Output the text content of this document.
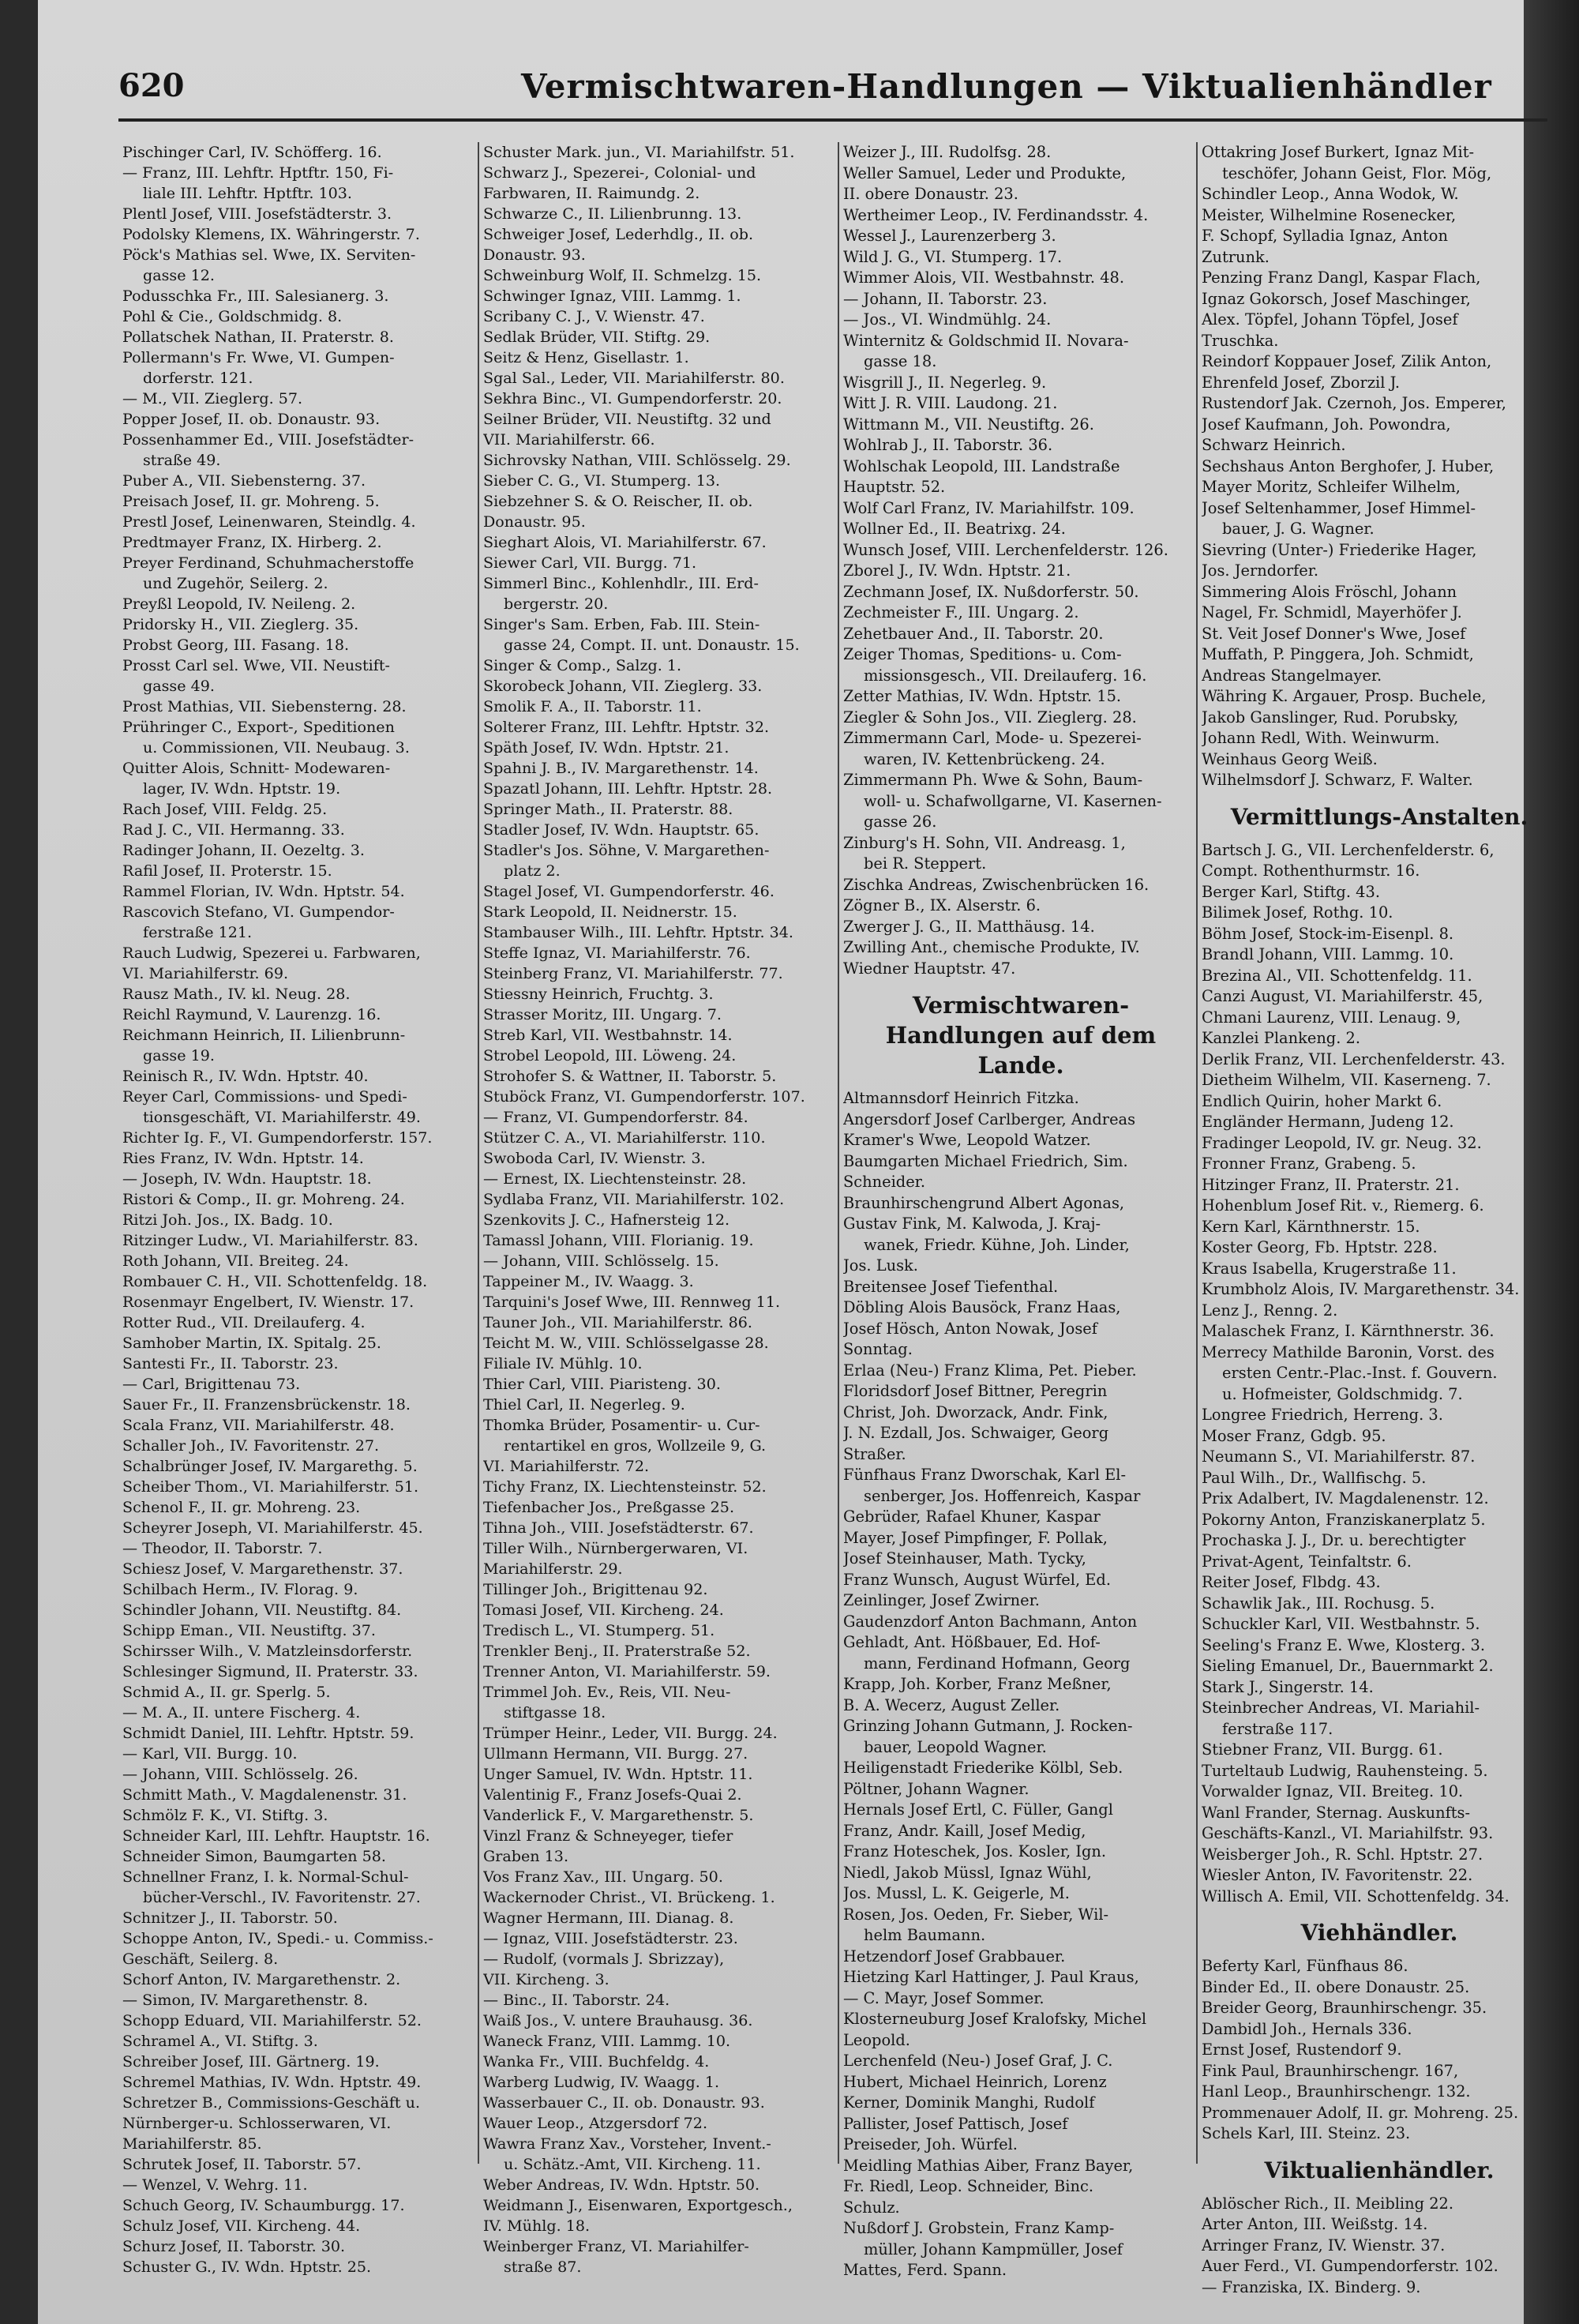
620	Vermischtwaren-Handlungen — Viktualienhändler
Pischinger Carl, IV. Schöfferg. 16.
— Franz, III. Lehftr. Hptftr. 150, Fi-
liale III. Lehftr. Hptftr. 103.
Plentl Josef, VIII. Josefstädterstr. 3.
Podolsky Klemens, IX. Währingerstr. 7.
Pöck's Mathias sel. Wwe, IX. Serviten-
gasse 12.
Podusschka Fr., III. Salesianerg. 3.
Pohl & Cie., Goldschmidg. 8.
Pollatschek Nathan, II. Praterstr. 8.
Pollermann's Fr. Wwe, VI. Gumpen-
dorferstr. 121.
— M., VII. Zieglerg. 57.
Popper Josef, II. ob. Donaustr. 93.
Possenhammer Ed., VIII. Josefstädter-
straße 49.
Puber A., VII. Siebensterng. 37.
Preisach Josef, II. gr. Mohreng. 5.
Prestl Josef, Leinenwaren, Steindlg. 4.
Predtmayer Franz, IX. Hirberg. 2.
Preyer Ferdinand, Schuhmacherstoffe
und Zugehör, Seilerg. 2.
Preyßl Leopold, IV. Neileng. 2.
Pridorsky H., VII. Zieglerg. 35.
Probst Georg, III. Fasang. 18.
Prosst Carl sel. Wwe, VII. Neustift-
gasse 49.
Prost Mathias, VII. Siebensterng. 28.
Prühringer C., Export-, Speditionen
u. Commissionen, VII. Neubaug. 3.
Quitter Alois, Schnitt- Modewaren-
lager, IV. Wdn. Hptstr. 19.
Rach Josef, VIII. Feldg. 25.
Rad J. C., VII. Hermanng. 33.
Radinger Johann, II. Oezeltg. 3.
Rafil Josef, II. Proterstr. 15.
Rammel Florian, IV. Wdn. Hptstr. 54.
Rascovich Stefano, VI. Gumpendor-
ferstraße 121.
Rauch Ludwig, Spezerei u. Farbwaren,
VI. Mariahilferstr. 69.
Rausz Math., IV. kl. Neug. 28.
Reichl Raymund, V. Laurenzg. 16.
Reichmann Heinrich, II. Lilienbrunn-
gasse 19.
Reinisch R., IV. Wdn. Hptstr. 40.
Reyer Carl, Commissions- und Spedi-
tionsgeschäft, VI. Mariahilferstr. 49.
Richter Ig. F., VI. Gumpendorferstr. 157.
Ries Franz, IV. Wdn. Hptstr. 14.
— Joseph, IV. Wdn. Hauptstr. 18.
Ristori & Comp., II. gr. Mohreng. 24.
Ritzi Joh. Jos., IX. Badg. 10.
Ritzinger Ludw., VI. Mariahilferstr. 83.
Roth Johann, VII. Breiteg. 24.
Rombauer C. H., VII. Schottenfeldg. 18.
Rosenmayr Engelbert, IV. Wienstr. 17.
Rotter Rud., VII. Dreilauferg. 4.
Samhober Martin, IX. Spitalg. 25.
Santesti Fr., II. Taborstr. 23.
— Carl, Brigittenau 73.
Sauer Fr., II. Franzensbrückenstr. 18.
Scala Franz, VII. Mariahilferstr. 48.
Schaller Joh., IV. Favoritenstr. 27.
Schalbrünger Josef, IV. Margarethg. 5.
Scheiber Thom., VI. Mariahilferstr. 51.
Schenol F., II. gr. Mohreng. 23.
Scheyrer Joseph, VI. Mariahilferstr. 45.
— Theodor, II. Taborstr. 7.
Schiesz Josef, V. Margarethenstr. 37.
Schilbach Herm., IV. Florag. 9.
Schindler Johann, VII. Neustiftg. 84.
Schipp Eman., VII. Neustiftg. 37.
Schirsser Wilh., V. Matzleinsdorferstr.
Schlesinger Sigmund, II. Praterstr. 33.
Schmid A., II. gr. Sperlg. 5.
— M. A., II. untere Fischerg. 4.
Schmidt Daniel, III. Lehftr. Hptstr. 59.
— Karl, VII. Burgg. 10.
— Johann, VIII. Schlösselg. 26.
Schmitt Math., V. Magdalenenstr. 31.
Schmölz F. K., VI. Stiftg. 3.
Schneider Karl, III. Lehftr. Hauptstr. 16.
Schneider Simon, Baumgarten 58.
Schnellner Franz, I. k. Normal-Schul-
bücher-Verschl., IV. Favoritenstr. 27.
Schnitzer J., II. Taborstr. 50.
Schoppe Anton, IV., Spedi.- u. Commiss.-
Geschäft, Seilerg. 8.
Schorf Anton, IV. Margarethenstr. 2.
— Simon, IV. Margarethenstr. 8.
Schopp Eduard, VII. Mariahilferstr. 52.
Schramel A., VI. Stiftg. 3.
Schreiber Josef, III. Gärtnerg. 19.
Schremel Mathias, IV. Wdn. Hptstr. 49.
Schretzer B., Commissions-Geschäft u.
Nürnberger-u. Schlosserwaren, VI.
Mariahilferstr. 85.
Schrutek Josef, II. Taborstr. 57.
— Wenzel, V. Wehrg. 11.
Schuch Georg, IV. Schaumburgg. 17.
Schulz Josef, VII. Kircheng. 44.
Schurz Josef, II. Taborstr. 30.
Schuster G., IV. Wdn. Hptstr. 25.
Schuster Mark. jun., VI. Mariahilfstr. 51.
Schwarz J., Spezerei-, Colonial- und
Farbwaren, II. Raimundg. 2.
Schwarze C., II. Lilienbrunng. 13.
Schweiger Josef, Lederhdlg., II. ob.
Donaustr. 93.
Schweinburg Wolf, II. Schmelzg. 15.
Schwinger Ignaz, VIII. Lammg. 1.
Scribany C. J., V. Wienstr. 47.
Sedlak Brüder, VII. Stiftg. 29.
Seitz & Henz, Gisellastr. 1.
Sgal Sal., Leder, VII. Mariahilferstr. 80.
Sekhra Binc., VI. Gumpendorferstr. 20.
Seilner Brüder, VII. Neustiftg. 32 und
VII. Mariahilferstr. 66.
Sichrovsky Nathan, VIII. Schlösselg. 29.
Sieber C. G., VI. Stumperg. 13.
Siebzehner S. & O. Reischer, II. ob.
Donaustr. 95.
Sieghart Alois, VI. Mariahilferstr. 67.
Siewer Carl, VII. Burgg. 71.
Simmerl Binc., Kohlenhdlr., III. Erd-
bergerstr. 20.
Singer's Sam. Erben, Fab. III. Stein-
gasse 24, Compt. II. unt. Donaustr. 15.
Singer & Comp., Salzg. 1.
Skorobeck Johann, VII. Zieglerg. 33.
Smolik F. A., II. Taborstr. 11.
Solterer Franz, III. Lehftr. Hptstr. 32.
Späth Josef, IV. Wdn. Hptstr. 21.
Spahni J. B., IV. Margarethenstr. 14.
Spazatl Johann, III. Lehftr. Hptstr. 28.
Springer Math., II. Praterstr. 88.
Stadler Josef, IV. Wdn. Hauptstr. 65.
Stadler's Jos. Söhne, V. Margarethen-
platz 2.
Stagel Josef, VI. Gumpendorferstr. 46.
Stark Leopold, II. Neidnerstr. 15.
Stambauser Wilh., III. Lehftr. Hptstr. 34.
Steffe Ignaz, VI. Mariahilferstr. 76.
Steinberg Franz, VI. Mariahilferstr. 77.
Stiessny Heinrich, Fruchtg. 3.
Strasser Moritz, III. Ungarg. 7.
Streb Karl, VII. Westbahnstr. 14.
Strobel Leopold, III. Löweng. 24.
Strohofer S. & Wattner, II. Taborstr. 5.
Stuböck Franz, VI. Gumpendorferstr. 107.
— Franz, VI. Gumpendorferstr. 84.
Stützer C. A., VI. Mariahilferstr. 110.
Swoboda Carl, IV. Wienstr. 3.
— Ernest, IX. Liechtensteinstr. 28.
Sydlaba Franz, VII. Mariahilferstr. 102.
Szenkovits J. C., Hafnersteig 12.
Tamassl Johann, VIII. Florianig. 19.
— Johann, VIII. Schlösselg. 15.
Tappeiner M., IV. Waagg. 3.
Tarquini's Josef Wwe, III. Rennweg 11.
Tauner Joh., VII. Mariahilferstr. 86.
Teicht M. W., VIII. Schlösselgasse 28.
Filiale IV. Mühlg. 10.
Thier Carl, VIII. Piaristeng. 30.
Thiel Carl, II. Negerleg. 9.
Thomka Brüder, Posamentir- u. Cur-
rentartikel en gros, Wollzeile 9, G.
VI. Mariahilferstr. 72.
Tichy Franz, IX. Liechtensteinstr. 52.
Tiefenbacher Jos., Preßgasse 25.
Tihna Joh., VIII. Josefstädterstr. 67.
Tiller Wilh., Nürnbergerwaren, VI.
Mariahilferstr. 29.
Tillinger Joh., Brigittenau 92.
Tomasi Josef, VII. Kircheng. 24.
Tredisch L., VI. Stumperg. 51.
Trenkler Benj., II. Praterstraße 52.
Trenner Anton, VI. Mariahilferstr. 59.
Trimmel Joh. Ev., Reis, VII. Neu-
stiftgasse 18.
Trümper Heinr., Leder, VII. Burgg. 24.
Ullmann Hermann, VII. Burgg. 27.
Unger Samuel, IV. Wdn. Hptstr. 11.
Valentinig F., Franz Josefs-Quai 2.
Vanderlick F., V. Margarethenstr. 5.
Vinzl Franz & Schneyeger, tiefer
Graben 13.
Vos Franz Xav., III. Ungarg. 50.
Wackernoder Christ., VI. Brückeng. 1.
Wagner Hermann, III. Dianag. 8.
— Ignaz, VIII. Josefstädterstr. 23.
— Rudolf, (vormals J. Sbrizzay),
VII. Kircheng. 3.
— Binc., II. Taborstr. 24.
Waiß Jos., V. untere Brauhausg. 36.
Waneck Franz, VIII. Lammg. 10.
Wanka Fr., VIII. Buchfeldg. 4.
Warberg Ludwig, IV. Waagg. 1.
Wasserbauer C., II. ob. Donaustr. 93.
Wauer Leop., Atzgersdorf 72.
Wawra Franz Xav., Vorsteher, Invent.-
u. Schätz.-Amt, VII. Kircheng. 11.
Weber Andreas, IV. Wdn. Hptstr. 50.
Weidmann J., Eisenwaren, Exportgesch.,
IV. Mühlg. 18.
Weinberger Franz, VI. Mariahilfer-
straße 87.
Weizer J., III. Rudolfsg. 28.
Weller Samuel, Leder und Produkte,
II. obere Donaustr. 23.
Wertheimer Leop., IV. Ferdinandsstr. 4.
Wessel J., Laurenzerberg 3.
Wild J. G., VI. Stumperg. 17.
Wimmer Alois, VII. Westbahnstr. 48.
— Johann, II. Taborstr. 23.
— Jos., VI. Windmühlg. 24.
Winternitz & Goldschmid II. Novara-
gasse 18.
Wisgrill J., II. Negerleg. 9.
Witt J. R. VIII. Laudong. 21.
Wittmann M., VII. Neustiftg. 26.
Wohlrab J., II. Taborstr. 36.
Wohlschak Leopold, III. Landstraße
Hauptstr. 52.
Wolf Carl Franz, IV. Mariahilfstr. 109.
Wollner Ed., II. Beatrixg. 24.
Wunsch Josef, VIII. Lerchenfelderstr. 126.
Zborel J., IV. Wdn. Hptstr. 21.
Zechmann Josef, IX. Nußdorferstr. 50.
Zechmeister F., III. Ungarg. 2.
Zehetbauer And., II. Taborstr. 20.
Zeiger Thomas, Speditions- u. Com-
missionsgesch., VII. Dreilauferg. 16.
Zetter Mathias, IV. Wdn. Hptstr. 15.
Ziegler & Sohn Jos., VII. Zieglerg. 28.
Zimmermann Carl, Mode- u. Spezerei-
waren, IV. Kettenbrückeng. 24.
Zimmermann Ph. Wwe & Sohn, Baum-
woll- u. Schafwollgarne, VI. Kasernen-
gasse 26.
Zinburg's H. Sohn, VII. Andreasg. 1,
bei R. Steppert.
Zischka Andreas, Zwischenbrücken 16.
Zögner B., IX. Alserstr. 6.
Zwerger J. G., II. Matthäusg. 14.
Zwilling Ant., chemische Produkte, IV.
Wiedner Hauptstr. 47.
Vermischtwaren-Handlungen auf dem Lande.
Altmannsdorf Heinrich Fitzka.
Angersdorf Josef Carlberger, Andreas
Kramer's Wwe, Leopold Watzer.
Baumgarten Michael Friedrich, Sim.
Schneider.
Braunhirschengrund Albert Agonas,
Gustav Fink, M. Kalwoda, J. Kraj-
wanek, Friedr. Kühne, Joh. Linder,
Jos. Lusk.
Breitensee Josef Tiefenthal.
Döbling Alois Bausöck, Franz Haas,
Josef Hösch, Anton Nowak, Josef
Sonntag.
Erlaa (Neu-) Franz Klima, Pet. Pieber.
Floridsdorf Josef Bittner, Peregrin
Christ, Joh. Dworzack, Andr. Fink,
J. N. Ezdall, Jos. Schwaiger, Georg
Straßer.
Fünfhaus Franz Dworschak, Karl El-
senberger, Jos. Hoffenreich, Kaspar
Gebrüder, Rafael Khuner, Kaspar
Mayer, Josef Pimpfinger, F. Pollak,
Josef Steinhauser, Math. Tycky,
Franz Wunsch, August Würfel, Ed.
Zeinlinger, Josef Zwirner.
Gaudenzdorf Anton Bachmann, Anton
Gehladt, Ant. Hößbauer, Ed. Hof-
mann, Ferdinand Hofmann, Georg
Krapp, Joh. Korber, Franz Meßner,
B. A. Wecerz, August Zeller.
Grinzing Johann Gutmann, J. Rocken-
bauer, Leopold Wagner.
Heiligenstadt Friederike Kölbl, Seb.
Pöltner, Johann Wagner.
Hernals Josef Ertl, C. Füller, Gangl
Franz, Andr. Kaill, Josef Medig,
Franz Hoteschek, Jos. Kosler, Ign.
Niedl, Jakob Müssl, Ignaz Wühl,
Jos. Mussl, L. K. Geigerle, M.
Rosen, Jos. Oeden, Fr. Sieber, Wil-
helm Baumann.
Hetzendorf Josef Grabbauer.
Hietzing Karl Hattinger, J. Paul Kraus,
— C. Mayr, Josef Sommer.
Klosterneuburg Josef Kralofsky, Michel
Leopold.
Lerchenfeld (Neu-) Josef Graf, J. C.
Hubert, Michael Heinrich, Lorenz
Kerner, Dominik Manghi, Rudolf
Pallister, Josef Pattisch, Josef
Preiseder, Joh. Würfel.
Meidling Mathias Aiber, Franz Bayer,
Fr. Riedl, Leop. Schneider, Binc.
Schulz.
Nußdorf J. Grobstein, Franz Kamp-
müller, Johann Kampmüller, Josef
Mattes, Ferd. Spann.
Ottakring Josef Burkert, Ignaz Mit-
teschöfer, Johann Geist, Flor. Mög,
Schindler Leop., Anna Wodok, W.
Meister, Wilhelmine Rosenecker,
F. Schopf, Sylladia Ignaz, Anton
Zutrunk.
Penzing Franz Dangl, Kaspar Flach,
Ignaz Gokorsch, Josef Maschinger,
Alex. Töpfel, Johann Töpfel, Josef
Truschka.
Reindorf Koppauer Josef, Zilik Anton,
Ehrenfeld Josef, Zborzil J.
Rustendorf Jak. Czernoh, Jos. Emperer,
Josef Kaufmann, Joh. Powondra,
Schwarz Heinrich.
Sechshaus Anton Berghofer, J. Huber,
Mayer Moritz, Schleifer Wilhelm,
Josef Seltenhammer, Josef Himmel-
bauer, J. G. Wagner.
Sievring (Unter-) Friederike Hager,
Jos. Jerndorfer.
Simmering Alois Fröschl, Johann
Nagel, Fr. Schmidl, Mayerhöfer J.
St. Veit Josef Donner's Wwe, Josef
Muffath, P. Pinggera, Joh. Schmidt,
Andreas Stangelmayer.
Währing K. Argauer, Prosp. Buchele,
Jakob Ganslinger, Rud. Porubsky,
Johann Redl, With. Weinwurm.
Weinhaus Georg Weiß.
Wilhelmsdorf J. Schwarz, F. Walter.
Vermittlungs-Anstalten.
Bartsch J. G., VII. Lerchenfelderstr. 6,
Compt. Rothenthurmstr. 16.
Berger Karl, Stiftg. 43.
Bilimek Josef, Rothg. 10.
Böhm Josef, Stock-im-Eisenpl. 8.
Brandl Johann, VIII. Lammg. 10.
Brezina Al., VII. Schottenfeldg. 11.
Canzi August, VI. Mariahilferstr. 45,
Chmani Laurenz, VIII. Lenaug. 9,
Kanzlei Plankeng. 2.
Derlik Franz, VII. Lerchenfelderstr. 43.
Dietheim Wilhelm, VII. Kaserneng. 7.
Endlich Quirin, hoher Markt 6.
Engländer Hermann, Judeng 12.
Fradinger Leopold, IV. gr. Neug. 32.
Fronner Franz, Grabeng. 5.
Hitzinger Franz, II. Praterstr. 21.
Hohenblum Josef Rit. v., Riemerg. 6.
Kern Karl, Kärnthnerstr. 15.
Koster Georg, Fb. Hptstr. 228.
Kraus Isabella, Krugerstraße 11.
Krumbholz Alois, IV. Margarethenstr. 34.
Lenz J., Renng. 2.
Malaschek Franz, I. Kärnthnerstr. 36.
Merrecy Mathilde Baronin, Vorst. des
ersten Centr.-Plac.-Inst. f. Gouvern.
u. Hofmeister, Goldschmidg. 7.
Longree Friedrich, Herreng. 3.
Moser Franz, Gdgb. 95.
Neumann S., VI. Mariahilferstr. 87.
Paul Wilh., Dr., Wallfischg. 5.
Prix Adalbert, IV. Magdalenenstr. 12.
Pokorny Anton, Franziskanerplatz 5.
Prochaska J. J., Dr. u. berechtigter
Privat-Agent, Teinfaltstr. 6.
Reiter Josef, Flbdg. 43.
Schawlik Jak., III. Rochusg. 5.
Schuckler Karl, VII. Westbahnstr. 5.
Seeling's Franz E. Wwe, Klosterg. 3.
Sieling Emanuel, Dr., Bauernmarkt 2.
Stark J., Singerstr. 14.
Steinbrecher Andreas, VI. Mariahil-
ferstraße 117.
Stiebner Franz, VII. Burgg. 61.
Turteltaub Ludwig, Rauhensteing. 5.
Vorwalder Ignaz, VII. Breiteg. 10.
Wanl Frander, Sternag. Auskunfts-
Geschäfts-Kanzl., VI. Mariahilfstr. 93.
Weisberger Joh., R. Schl. Hptstr. 27.
Wiesler Anton, IV. Favoritenstr. 22.
Willisch A. Emil, VII. Schottenfeldg. 34.
Viehhändler.
Beferty Karl, Fünfhaus 86.
Binder Ed., II. obere Donaustr. 25.
Breider Georg, Braunhirschengr. 35.
Dambidl Joh., Hernals 336.
Ernst Josef, Rustendorf 9.
Fink Paul, Braunhirschengr. 167,
Hanl Leop., Braunhirschengr. 132.
Prommenauer Adolf, II. gr. Mohreng. 25.
Schels Karl, III. Steinz. 23.
Viktualienhändler.
Ablöscher Rich., II. Meibling 22.
Arter Anton, III. Weißstg. 14.
Arringer Franz, IV. Wienstr. 37.
Auer Ferd., VI. Gumpendorferstr. 102.
— Franziska, IX. Binderg. 9.
